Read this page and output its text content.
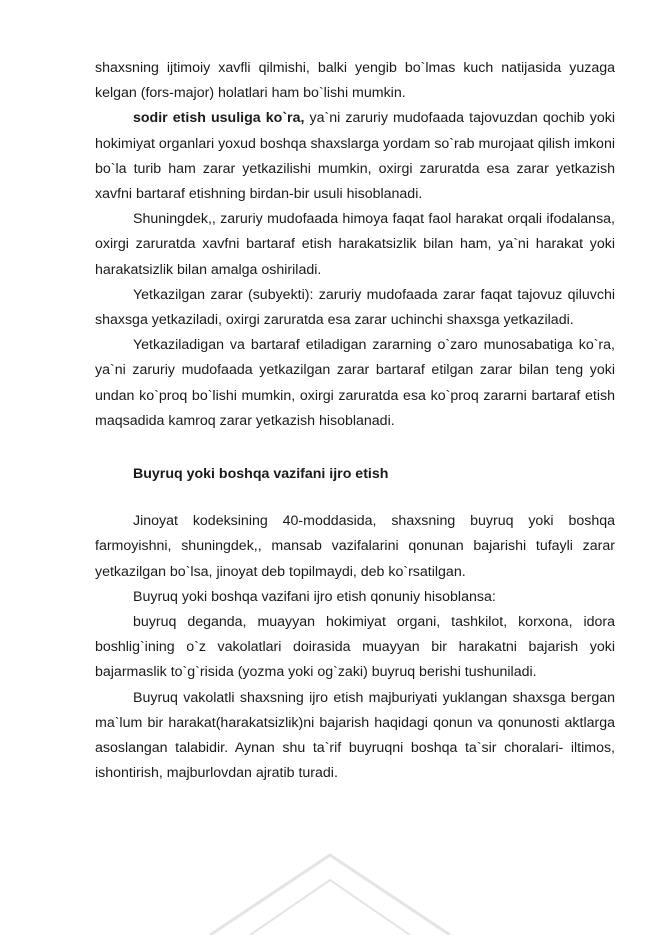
shaxsning ijtimoiy xavfli qilmishi, balki yengib bo`lmas kuch natijasida yuzaga kelgan (fors-major) holatlari ham bo`lishi mumkin.

sodir etish usuliga ko`ra, ya`ni zaruriy mudofaada tajovuzdan qochib yoki hokimiyat organlari yoxud boshqa shaxslarga yordam so`rab murojaat qilish imkoni bo`la turib ham zarar yetkazilishi mumkin, oxirgi zaruratda esa zarar yetkazish xavfni bartaraf etishning birdan-bir usuli hisoblanadi.

Shuningdek,, zaruriy mudofaada himoya faqat faol harakat orqali ifodalansa, oxirgi zaruratda xavfni bartaraf etish harakatsizlik bilan ham, ya`ni harakat yoki harakatsizlik bilan amalga oshiriladi.

Yetkazilgan zarar (subyekti): zaruriy mudofaada zarar faqat tajovuz qiluvchi shaxsga yetkaziladi, oxirgi zaruratda esa zarar uchinchi shaxsga yetkaziladi.

Yetkaziladigan va bartaraf etiladigan zararning o`zaro munosabatiga ko`ra, ya`ni zaruriy mudofaada yetkazilgan zarar bartaraf etilgan zarar bilan teng yoki undan ko`proq bo`lishi mumkin, oxirgi zaruratda esa ko`proq zararni bartaraf etish maqsadida kamroq zarar yetkazish hisoblanadi.

Buyruq yoki boshqa vazifani ijro etish

Jinoyat kodeksining 40-moddasida, shaxsning buyruq yoki boshqa farmoyishni, shuningdek,, mansab vazifalarini qonunan bajarishi tufayli zarar yetkazilgan bo`lsa, jinoyat deb topilmaydi, deb ko`rsatilgan.

Buyruq yoki boshqa vazifani ijro etish qonuniy hisoblansa:

buyruq deganda, muayyan hokimiyat organi, tashkilot, korxona, idora boshlig`ining o`z vakolatlari doirasida muayyan bir harakatni bajarish yoki bajarmaslik to`g`risida (yozma yoki og`zaki) buyruq berishi tushuniladi.

Buyruq vakolatli shaxsning ijro etish majburiyati yuklangan shaxsga bergan ma`lum bir harakat(harakatsizlik)ni bajarish haqidagi qonun va qonunosti aktlarga asoslangan talabidir. Aynan shu ta`rif buyruqni boshqa ta`sir choralari- iltimos, ishontirish, majburlovdan ajratib turadi.
